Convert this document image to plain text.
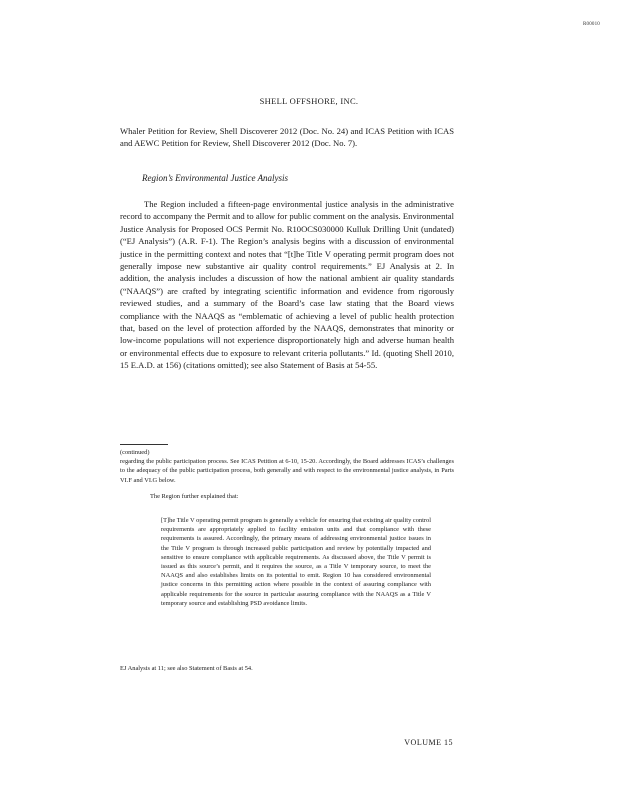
R00010
SHELL OFFSHORE, INC.

Whaler Petition for Review, Shell Discoverer 2012 (Doc. No. 24) and ICAS Petition with ICAS and AEWC Petition for Review, Shell Discoverer 2012 (Doc. No. 7).

Region’s Environmental Justice Analysis

The Region included a fifteen-page environmental justice analysis in the administrative record to accompany the Permit and to allow for public comment on the analysis. Environmental Justice Analysis for Proposed OCS Permit No. R10OCS030000 Kulluk Drilling Unit (undated) (“EJ Analysis”) (A.R. F-1). The Region’s analysis begins with a discussion of environmental justice in the permitting context and notes that “[t]he Title V operating permit program does not generally impose new substantive air quality control requirements.” EJ Analysis at 2. In addition, the analysis includes a discussion of how the national ambient air quality standards (“NAAQS”) are crafted by integrating scientific information and evidence from rigorously reviewed studies, and a summary of the Board’s case law stating that the Board views compliance with the NAAQS as “emblematic of achieving a level of public health protection that, based on the level of protection afforded by the NAAQS, demonstrates that minority or low-income populations will not experience disproportionately high and adverse human health or environmental effects due to exposure to relevant criteria pollutants.” Id. (quoting Shell 2010, 15 E.A.D. at 156) (citations omitted); see also Statement of Basis at 54-55.

(continued)
regarding the public participation process. See ICAS Petition at 6-10, 15-20. Accordingly, the Board addresses ICAS’s challenges to the adequacy of the public participation process, both generally and with respect to the environmental justice analysis, in Parts VI.F and VI.G below.
The Region further explained that:
[T]he Title V operating permit program is generally a vehicle for ensuring that existing air quality control requirements are appropriately applied to facility emission units and that compliance with these requirements is assured. Accordingly, the primary means of addressing environmental justice issues in the Title V program is through increased public participation and review by potentially impacted and sensitive to ensure compliance with applicable requirements. As discussed above, the Title V permit is issued as this source’s permit, and it requires the source, as a Title V temporary source, to meet the NAAQS and also establishes limits on its potential to emit. Region 10 has considered environmental justice concerns in this permitting action where possible in the context of assuring compliance with applicable requirements for the source in particular assuring compliance with the NAAQS as a Title V temporary source and establishing PSD avoidance limits.
EJ Analysis at 11; see also Statement of Basis at 54.
VOLUME 15
